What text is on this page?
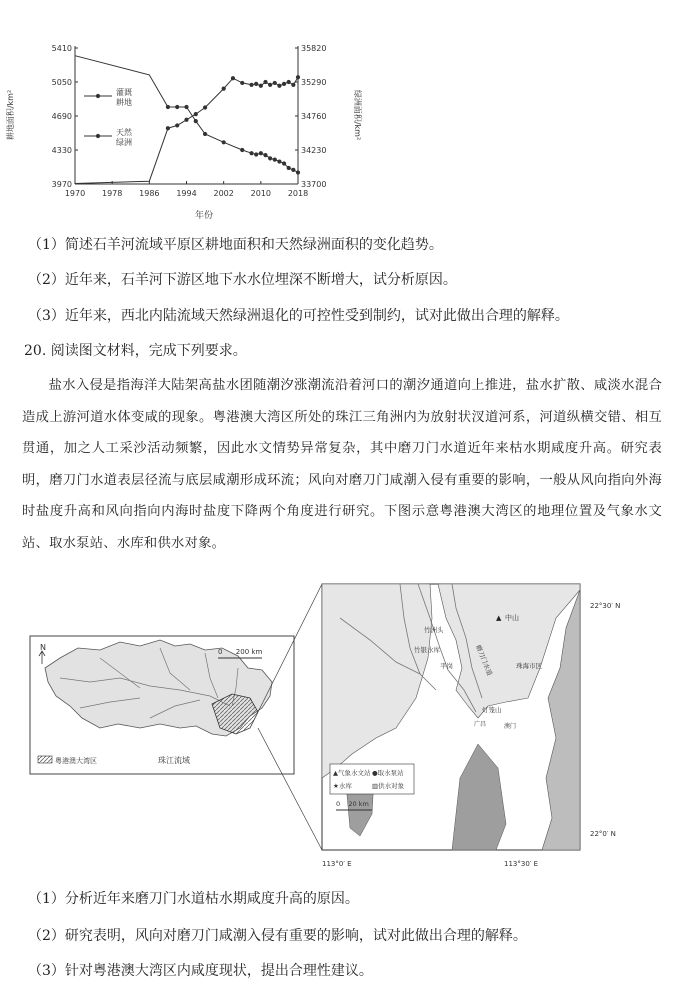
5410
5050
4690
4330
3970
35820
35290
34760
34230
33700
1970 1978 1986 1994 2002 2010 2018
灌溉
耕地
天然
绿洲
年份
耕地面积/km²	绿洲面积/km²
（1）简述石羊河流域平原区耕地面积和天然绿洲面积的变化趋势。
（2）近年来，石羊河下游区地下水水位埋深不断增大，试分析原因。
（3）近年来，西北内陆流域天然绿洲退化的可控性受到制约，试对此做出合理的解释。
20. 阅读图文材料，完成下列要求。
盐水入侵是指海洋大陆架高盐水团随潮汐涨潮流沿着河口的潮汐通道向上推进，盐水扩散、咸淡水混合造成上游河道水体变咸的现象。粤港澳大湾区所处的珠江三角洲内为放射状汊道河系，河道纵横交错、相互贯通，加之人工采沙活动频繁，因此水文情势异常复杂，其中磨刀门水道近年来枯水期咸度升高。研究表明，磨刀门水道表层径流与底层咸潮形成环流；风向对磨刀门咸潮入侵有重要的影响，一般从风向指向外海时盐度升高和风向指向内海时盐度下降两个角度进行研究。下图示意粤港澳大湾区的地理位置及气象水文站、取水泵站、水库和供水对象。
N	0      200 km
粤港澳大湾区	珠江流域
22°30′ N
22°0′ N
113°0′ E	113°30′ E
▲ 中山
竹洲头
竹银水库
平岗	磨刀门水道	珠海市区
灯笼山
广昌	澳门
▲气象水文站 ●取水泵站
★水库	▥供水对象
0    20 km
（1）分析近年来磨刀门水道枯水期咸度升高的原因。
（2）研究表明，风向对磨刀门咸潮入侵有重要的影响，试对此做出合理的解释。
（3）针对粤港澳大湾区内咸度现状，提出合理性建议。
